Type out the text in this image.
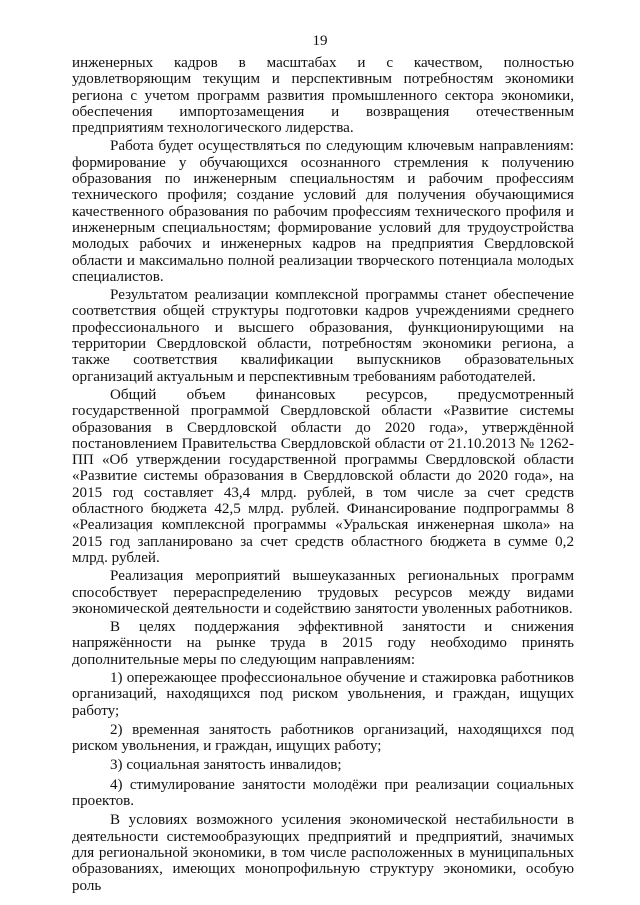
19

инженерных кадров в масштабах и с качеством, полностью удовлетворяющим текущим и перспективным потребностям экономики региона с учетом программ развития промышленного сектора экономики, обеспечения импортозамещения и возвращения отечественным предприятиям технологического лидерства.

Работа будет осуществляться по следующим ключевым направлениям: формирование у обучающихся осознанного стремления к получению образования по инженерным специальностям и рабочим профессиям технического профиля; создание условий для получения обучающимися качественного образования по рабочим профессиям технического профиля и инженерным специальностям; формирование условий для трудоустройства молодых рабочих и инженерных кадров на предприятия Свердловской области и максимально полной реализации творческого потенциала молодых специалистов.

Результатом реализации комплексной программы станет обеспечение соответствия общей структуры подготовки кадров учреждениями среднего профессионального и высшего образования, функционирующими на территории Свердловской области, потребностям экономики региона, а также соответствия квалификации выпускников образовательных организаций актуальным и перспективным требованиям работодателей.

Общий объем финансовых ресурсов, предусмотренный государственной программой Свердловской области «Развитие системы образования в Свердловской области до 2020 года», утверждённой постановлением Правительства Свердловской области от 21.10.2013 № 1262-ПП «Об утверждении государственной программы Свердловской области «Развитие системы образования в Свердловской области до 2020 года», на 2015 год составляет 43,4 млрд. рублей, в том числе за счет средств областного бюджета 42,5 млрд. рублей. Финансирование подпрограммы 8 «Реализация комплексной программы «Уральская инженерная школа» на 2015 год запланировано за счет средств областного бюджета в сумме 0,2 млрд. рублей.

Реализация мероприятий вышеуказанных региональных программ способствует перераспределению трудовых ресурсов между видами экономической деятельности и содействию занятости уволенных работников.

В целях поддержания эффективной занятости и снижения напряжённости на рынке труда в 2015 году необходимо принять дополнительные меры по следующим направлениям:

1) опережающее профессиональное обучение и стажировка работников организаций, находящихся под риском увольнения, и граждан, ищущих работу;

2) временная занятость работников организаций, находящихся под риском увольнения, и граждан, ищущих работу;

3) социальная занятость инвалидов;

4) стимулирование занятости молодёжи при реализации социальных проектов.

В условиях возможного усиления экономической нестабильности в деятельности системообразующих предприятий и предприятий, значимых для региональной экономики, в том числе расположенных в муниципальных образованиях, имеющих монопрофильную структуру экономики, особую роль
